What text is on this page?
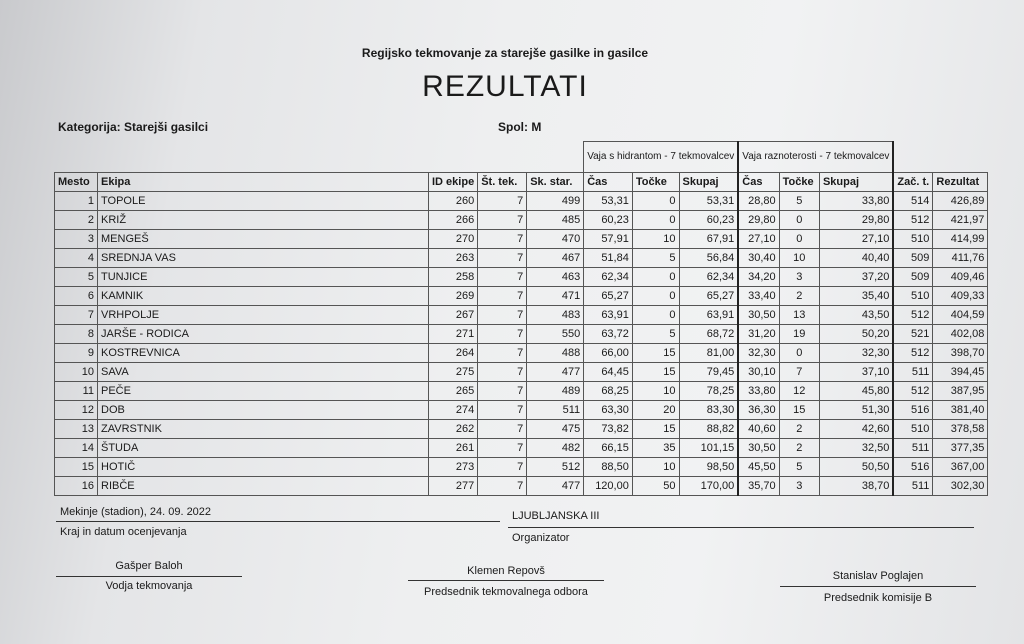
Regijsko tekmovanje za starejše gasilke in gasilce
REZULTATI
Kategorija: Starejši gasilci	Spol: M
					Vaja s hidrantom - 7 tekmovalcev			Vaja raznoterosti - 7 tekmovalcev				
Mesto	Ekipa	ID ekipe	Št. tek.	Sk. star.	Čas	Točke	Skupaj	Čas	Točke	Skupaj	Zač. t.	Rezultat
1	TOPOLE	260	7	499	53,31	0	53,31	28,80	5	33,80	514	426,89
2	KRIŽ	266	7	485	60,23	0	60,23	29,80	0	29,80	512	421,97
3	MENGEŠ	270	7	470	57,91	10	67,91	27,10	0	27,10	510	414,99
4	SREDNJA VAS	263	7	467	51,84	5	56,84	30,40	10	40,40	509	411,76
5	TUNJICE	258	7	463	62,34	0	62,34	34,20	3	37,20	509	409,46
6	KAMNIK	269	7	471	65,27	0	65,27	33,40	2	35,40	510	409,33
7	VRHPOLJE	267	7	483	63,91	0	63,91	30,50	13	43,50	512	404,59
8	JARŠE - RODICA	271	7	550	63,72	5	68,72	31,20	19	50,20	521	402,08
9	KOSTREVNICA	264	7	488	66,00	15	81,00	32,30	0	32,30	512	398,70
10	SAVA	275	7	477	64,45	15	79,45	30,10	7	37,10	511	394,45
11	PEČE	265	7	489	68,25	10	78,25	33,80	12	45,80	512	387,95
12	DOB	274	7	511	63,30	20	83,30	36,30	15	51,30	516	381,40
13	ZAVRSTNIK	262	7	475	73,82	15	88,82	40,60	2	42,60	510	378,58
14	ŠTUDA	261	7	482	66,15	35	101,15	30,50	2	32,50	511	377,35
15	HOTIČ	273	7	512	88,50	10	98,50	45,50	5	50,50	516	367,00
16	RIBČE	277	7	477	120,00	50	170,00	35,70	3	38,70	511	302,30
Mekinje (stadion), 24. 09. 2022
Kraj in datum ocenjevanja
LJUBLJANSKA III
Organizator
Gašper Baloh
Vodja tekmovanja
Klemen Repovš
Predsednik tekmovalnega odbora
Stanislav Poglajen
Predsednik komisije B
